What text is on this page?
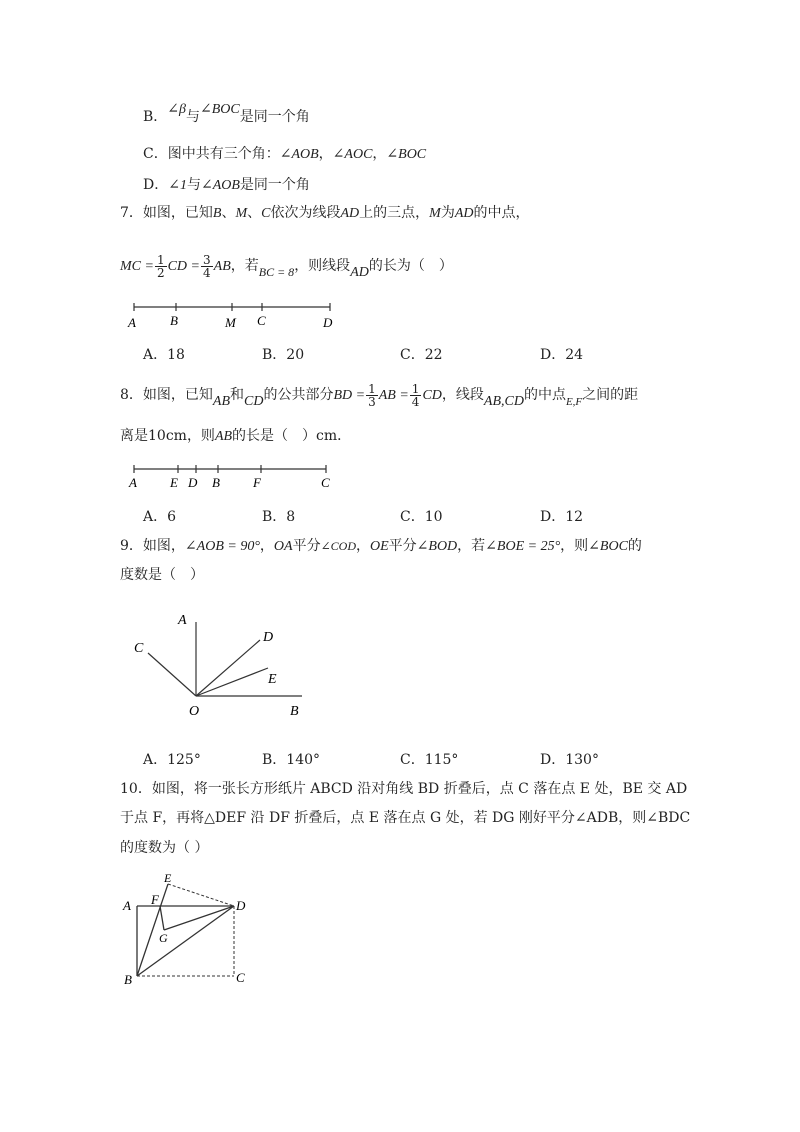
B．∠β与∠BOC是同一个角
C．图中共有三个角：∠AOB，∠AOC，∠BOC
D．∠1与∠AOB是同一个角
7．如图，已知B、M、C依次为线段AD上的三点，M为AD的中点，
MC = $\frac{1}{2}$ CD = $\frac{3}{4}$ AB，若BC = 8，则线段AD的长为（　）
A	B	M C	D
A．18	B．20	C．22	D．24
8．如图，已知AB和CD的公共部分BD = $\frac{1}{3}$ AB = $\frac{1}{4}$ CD，线段AB,CD的中点$_{E,F}$之间的距
离是10cm，则AB的长是（　）cm．
A	E D B	F	C
A．6	B．8	C．10	D．12
9．如图，∠AOB = 90°，OA平分∠COD，OE平分∠BOD，若∠BOE = 25°，则∠BOC的
度数是（　）
A
D
C
E
O	B
A．125°	B．140°	C．115°	D．130°
10．如图，将一张长方形纸片 ABCD 沿对角线 BD 折叠后，点 C 落在点 E 处，BE 交 AD
于点 F，再将△DEF 沿 DF 折叠后，点 E 落在点 G 处，若 DG 刚好平分∠ADB，则∠BDC
的度数为（ ）
E
A F	D
G
B	C
